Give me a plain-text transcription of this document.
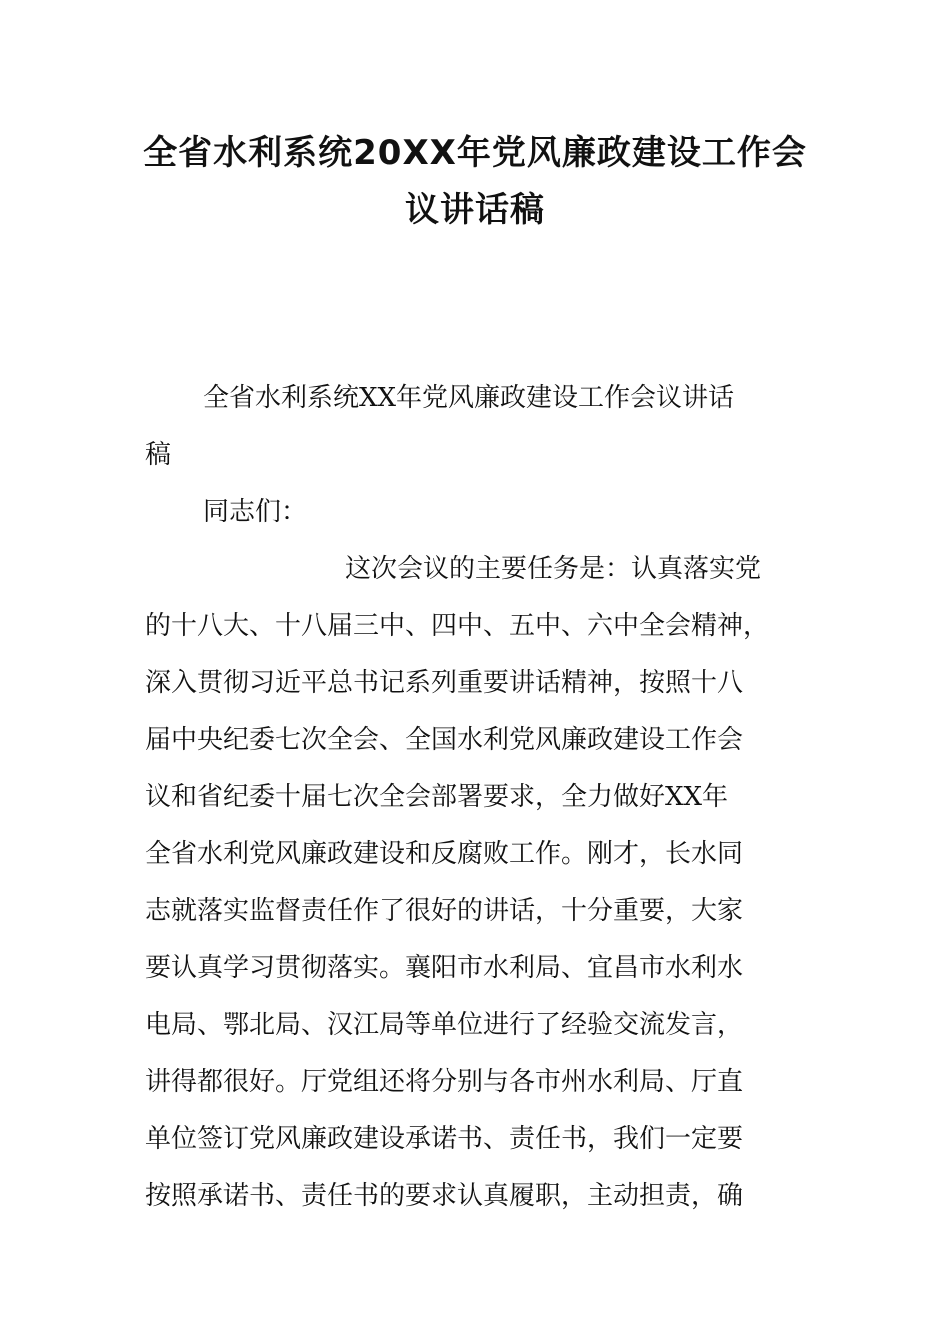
全省水利系统20XX年党风廉政建设工作会
议讲话稿
全省水利系统XX年党风廉政建设工作会议讲话
稿
同志们：
这次会议的主要任务是：认真落实党
的十八大、十八届三中、四中、五中、六中全会精神，
深入贯彻习近平总书记系列重要讲话精神，按照十八
届中央纪委七次全会、全国水利党风廉政建设工作会
议和省纪委十届七次全会部署要求，全力做好XX年
全省水利党风廉政建设和反腐败工作。刚才，长水同
志就落实监督责任作了很好的讲话，十分重要，大家
要认真学习贯彻落实。襄阳市水利局、宜昌市水利水
电局、鄂北局、汉江局等单位进行了经验交流发言，
讲得都很好。厅党组还将分别与各市州水利局、厅直
单位签订党风廉政建设承诺书、责任书，我们一定要
按照承诺书、责任书的要求认真履职，主动担责，确
